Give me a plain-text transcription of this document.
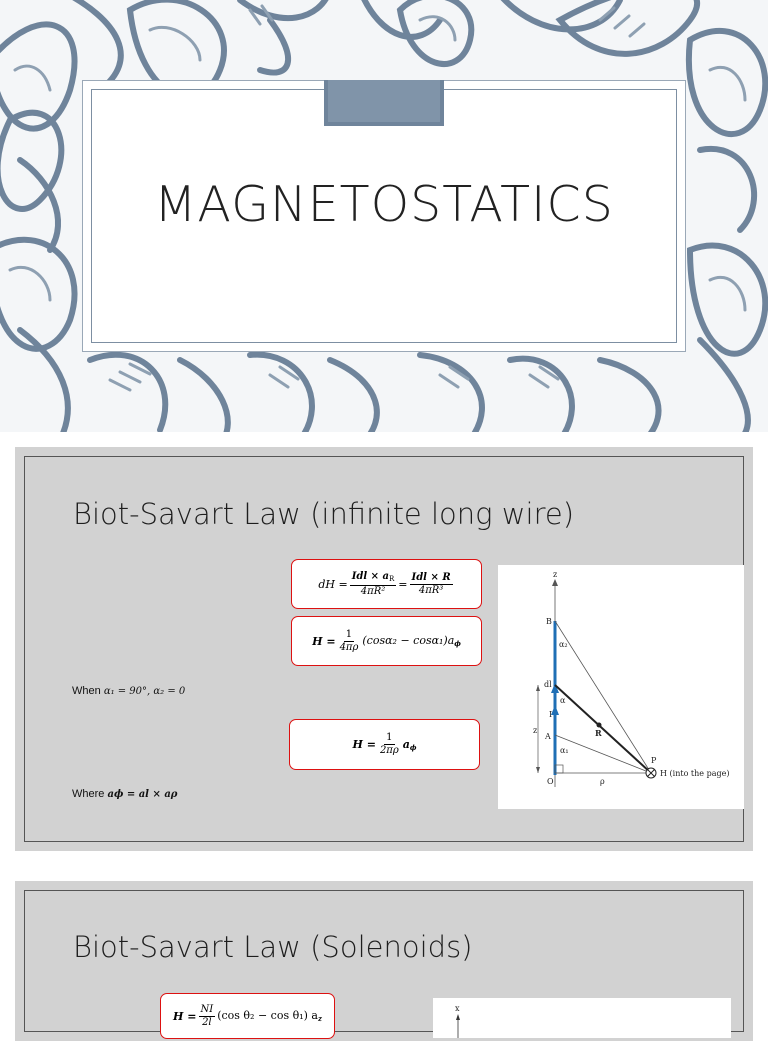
MAGNETOSTATICS
Biot-Savart Law (infinite long wire)
dH = $\frac{Idl \times a_R}{\text{4πR²}} = \frac{\text{Idl × R}}{\text{4πR³}}$
$H = \frac{1}{4\pi\rho} (\cos\alpha_2 - \cos\alpha_1)a_\phi$
When α₁ = 90°, α₂ = 0
$H = \frac{1}{2\pi\rho} a_\phi$
Where aϕ = al × aρ
z
B
α₂
dl
α
I
R
A
z
α₁
O	ρ
P
H (into the page)
Biot-Savart Law (Solenoids)
$H = \frac{NI}{2l} (\cos$ θ₂ − cos θ₁) $a_z$
x
